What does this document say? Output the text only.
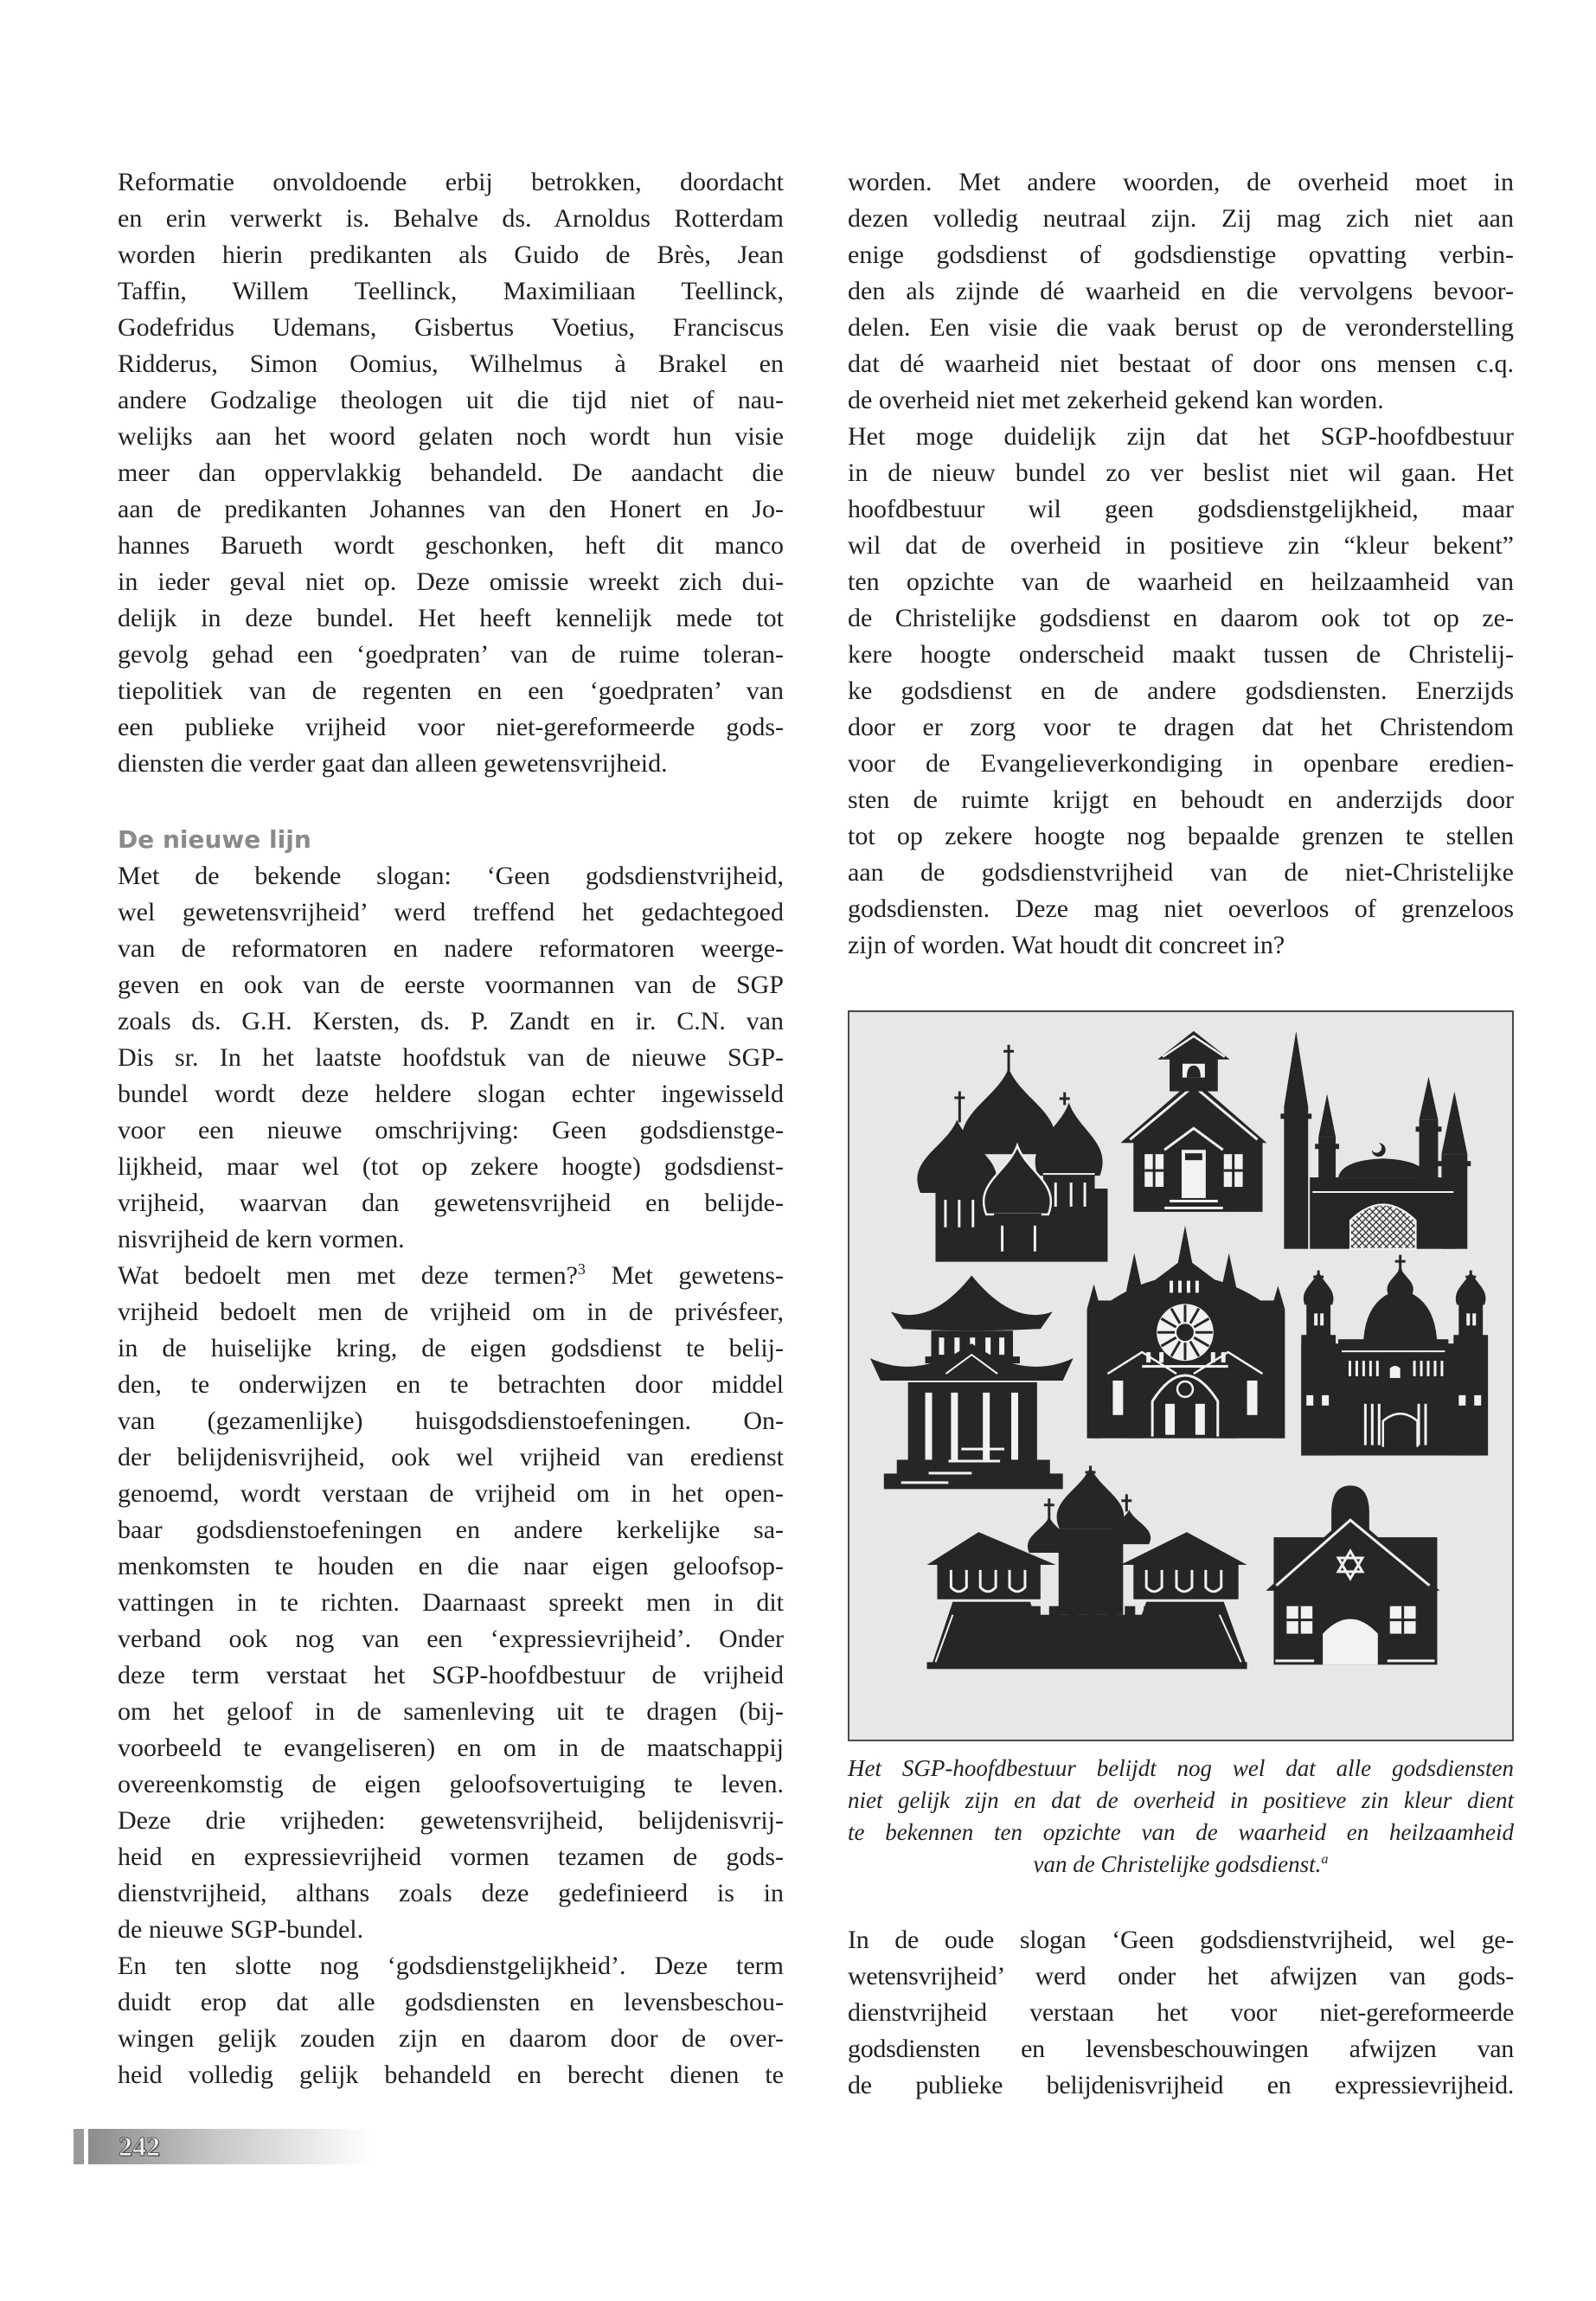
De nieuwe lijn
Reformatie onvoldoende erbij betrokken, doordacht
en erin verwerkt is. Behalve ds. Arnoldus Rotterdam
worden hierin predikanten als Guido de Brès, Jean
Taffin, Willem Teellinck, Maximiliaan Teellinck,
Godefridus Udemans, Gisbertus Voetius, Franciscus
Ridderus, Simon Oomius, Wilhelmus à Brakel en
andere Godzalige theologen uit die tijd niet of nau-
welijks aan het woord gelaten noch wordt hun visie
meer dan oppervlakkig behandeld. De aandacht die
aan de predikanten Johannes van den Honert en Jo-
hannes Barueth wordt geschonken, heft dit manco
in ieder geval niet op. Deze omissie wreekt zich dui-
delijk in deze bundel. Het heeft kennelijk mede tot
gevolg gehad een ‘goedpraten’ van de ruime toleran-
tiepolitiek van de regenten en een ‘goedpraten’ van
een publieke vrijheid voor niet-gereformeerde gods-
diensten die verder gaat dan alleen gewetensvrijheid.
Met de bekende slogan: ‘Geen godsdienstvrijheid,
wel gewetensvrijheid’ werd treffend het gedachtegoed
van de reformatoren en nadere reformatoren weerge-
geven en ook van de eerste voormannen van de SGP
zoals ds. G.H. Kersten, ds. P. Zandt en ir. C.N. van
Dis sr. In het laatste hoofdstuk van de nieuwe SGP-
bundel wordt deze heldere slogan echter ingewisseld
voor een nieuwe omschrijving: Geen godsdienstge-
lijkheid, maar wel (tot op zekere hoogte) godsdienst-
vrijheid, waarvan dan gewetensvrijheid en belijde-
nisvrijheid de kern vormen.
Wat bedoelt men met deze termen?$^3$ Met gewetens-
vrijheid bedoelt men de vrijheid om in de privésfeer,
in de huiselijke kring, de eigen godsdienst te belij-
den, te onderwijzen en te betrachten door middel
van (gezamenlijke) huisgodsdienstoefeningen. On-
der belijdenisvrijheid, ook wel vrijheid van eredienst
genoemd, wordt verstaan de vrijheid om in het open-
baar godsdienstoefeningen en andere kerkelijke sa-
menkomsten te houden en die naar eigen geloofsop-
vattingen in te richten. Daarnaast spreekt men in dit
verband ook nog van een ‘expressievrijheid’. Onder
deze term verstaat het SGP-hoofdbestuur de vrijheid
om het geloof in de samenleving uit te dragen (bij-
voorbeeld te evangeliseren) en om in de maatschappij
overeenkomstig de eigen geloofsovertuiging te leven.
Deze drie vrijheden: gewetensvrijheid, belijdenisvrij-
heid en expressievrijheid vormen tezamen de gods-
dienstvrijheid, althans zoals deze gedefinieerd is in
de nieuwe SGP-bundel.
En ten slotte nog ‘godsdienstgelijkheid’. Deze term
duidt erop dat alle godsdiensten en levensbeschou-
wingen gelijk zouden zijn en daarom door de over-
heid volledig gelijk behandeld en berecht dienen te
worden. Met andere woorden, de overheid moet in
dezen volledig neutraal zijn. Zij mag zich niet aan
enige godsdienst of godsdienstige opvatting verbin-
den als zijnde dé waarheid en die vervolgens bevoor-
delen. Een visie die vaak berust op de veronderstelling
dat dé waarheid niet bestaat of door ons mensen c.q.
de overheid niet met zekerheid gekend kan worden.
Het moge duidelijk zijn dat het SGP-hoofdbestuur
in de nieuw bundel zo ver beslist niet wil gaan. Het
hoofdbestuur wil geen godsdienstgelijkheid, maar
wil dat de overheid in positieve zin “kleur bekent”
ten opzichte van de waarheid en heilzaamheid van
de Christelijke godsdienst en daarom ook tot op ze-
kere hoogte onderscheid maakt tussen de Christelij-
ke godsdienst en de andere godsdiensten. Enerzijds
door er zorg voor te dragen dat het Christendom
voor de Evangelieverkondiging in openbare eredien-
sten de ruimte krijgt en behoudt en anderzijds door
tot op zekere hoogte nog bepaalde grenzen te stellen
aan de godsdienstvrijheid van de niet-Christelijke
godsdiensten. Deze mag niet oeverloos of grenzeloos
zijn of worden. Wat houdt dit concreet in?
Het SGP-hoofdbestuur belijdt nog wel dat alle godsdiensten
niet gelijk zijn en dat de overheid in positieve zin kleur dient
te bekennen ten opzichte van de waarheid en heilzaamheid
van de Christelijke godsdienst.$^a$
In de oude slogan ‘Geen godsdienstvrijheid, wel ge-
wetensvrijheid’ werd onder het afwijzen van gods-
dienstvrijheid verstaan het voor niet-gereformeerde
godsdiensten en levensbeschouwingen afwijzen van
de publieke belijdenisvrijheid en expressievrijheid.
242
